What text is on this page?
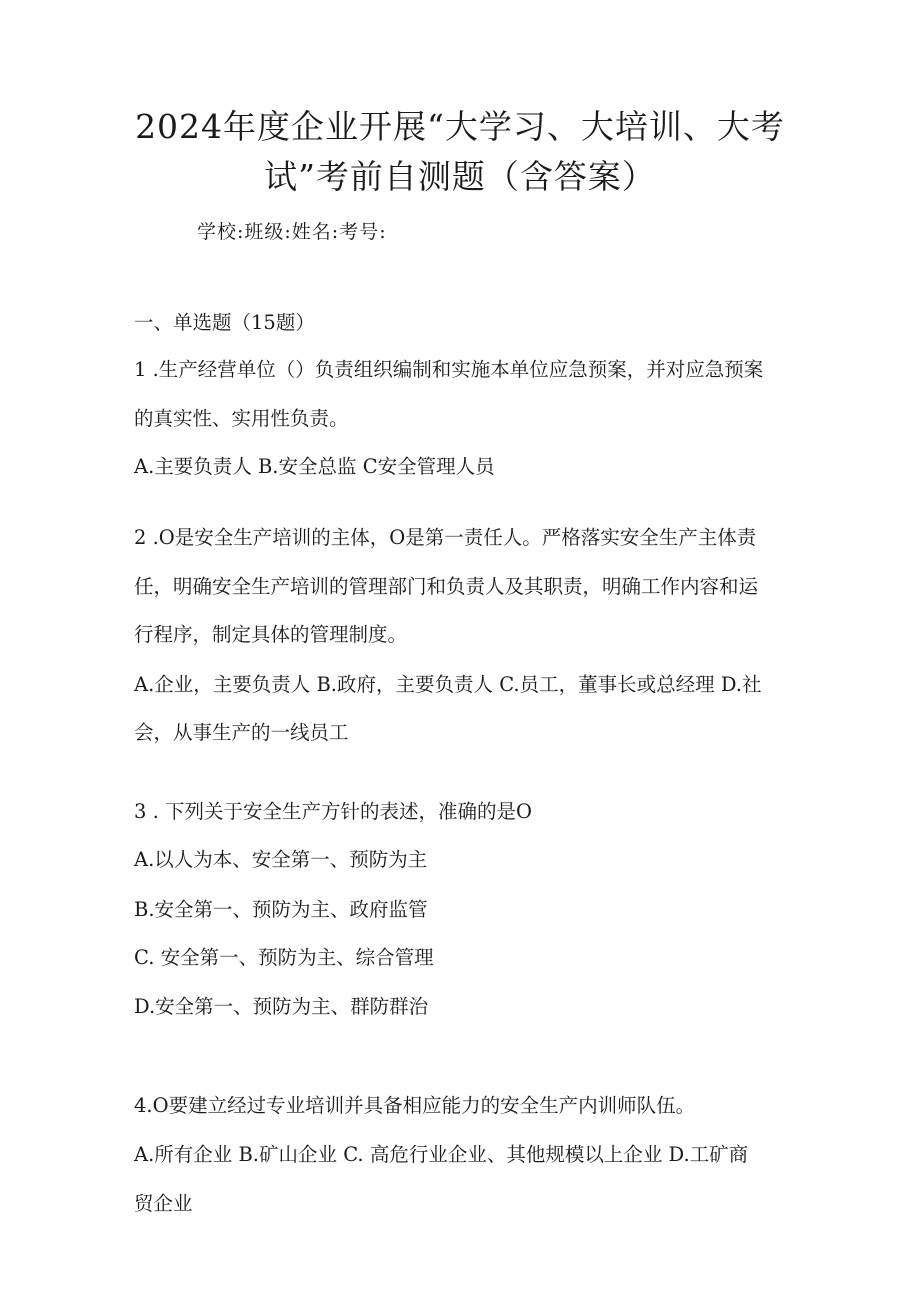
2024年度企业开展“大学习、大培训、大考
试”考前自测题（含答案）
学校:班级:姓名:考号:
一、单选题（15题）
1 .生产经营单位（）负责组织编制和实施本单位应急预案，并对应急预案
的真实性、实用性负责。
A.主要负责人 B.安全总监 C安全管理人员
2 .O是安全生产培训的主体，O是第一责任人。严格落实安全生产主体责
任，明确安全生产培训的管理部门和负责人及其职责，明确工作内容和运
行程序，制定具体的管理制度。
A.企业，主要负责人 B.政府，主要负责人 C.员工，董事长或总经理 D.社
会，从事生产的一线员工
3 . 下列关于安全生产方针的表述，准确的是O
A.以人为本、安全第一、预防为主
B.安全第一、预防为主、政府监管
C. 安全第一、预防为主、综合管理
D.安全第一、预防为主、群防群治
4.O要建立经过专业培训并具备相应能力的安全生产内训师队伍。
A.所有企业 B.矿山企业 C. 高危行业企业、其他规模以上企业 D.工矿商
贸企业
